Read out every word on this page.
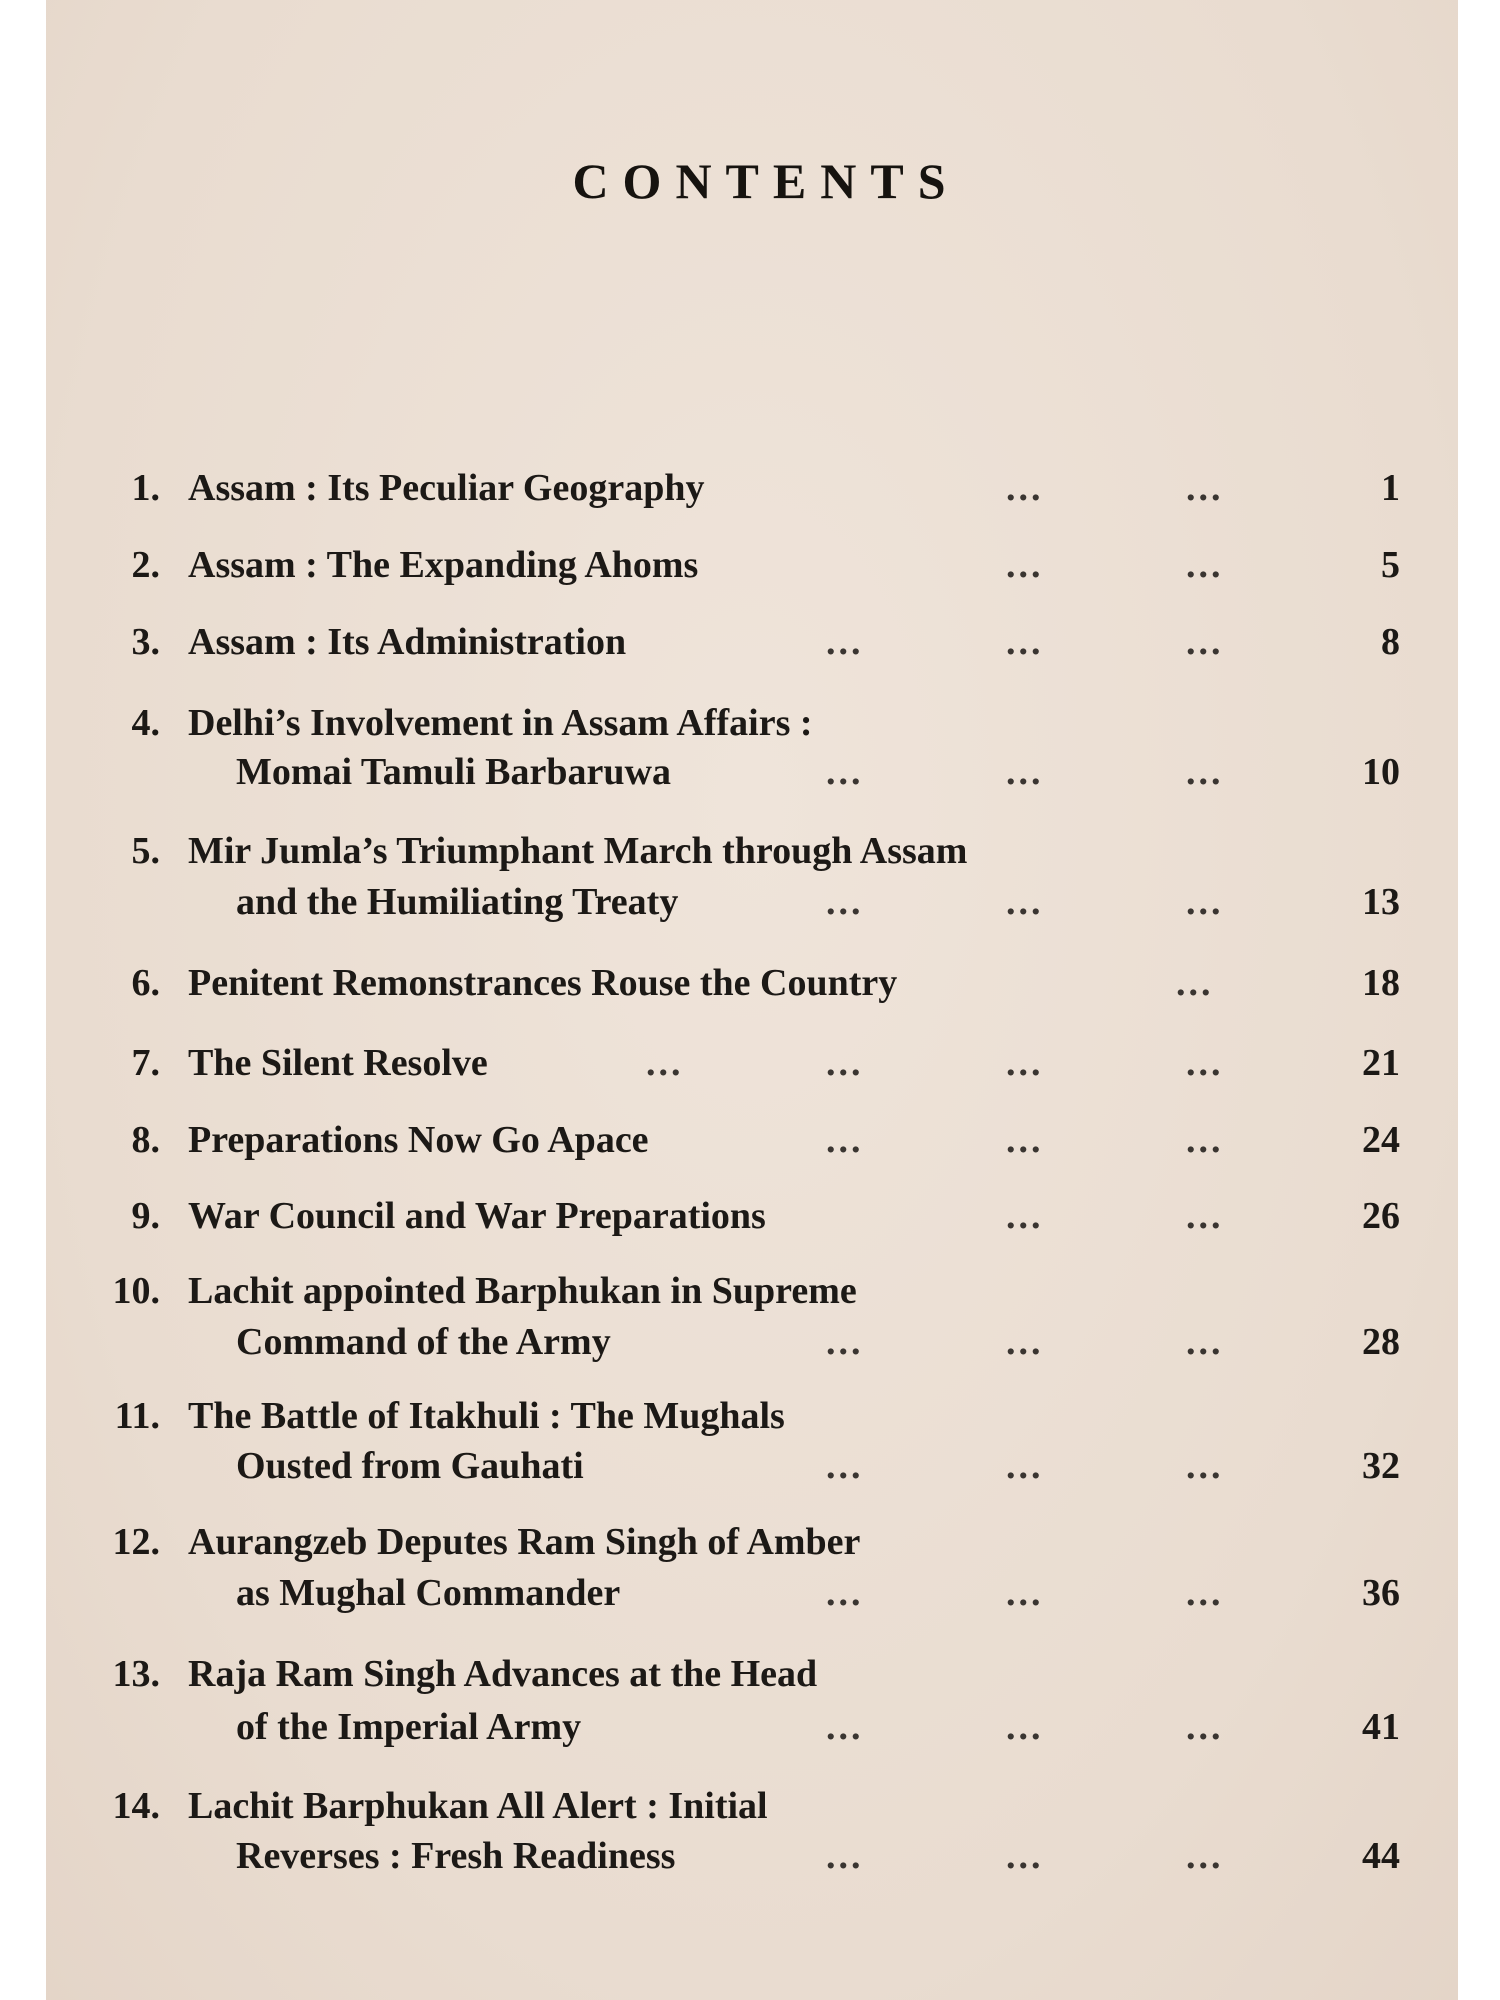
CONTENTS
1. Assam : Its Peculiar Geography	...	...	1
2. Assam : The Expanding Ahoms	...	...	5
3. Assam : Its Administration	...	...	...	8
4. Delhi’s Involvement in Assam Affairs :
Momai Tamuli Barbaruwa	...	...	...	10
5. Mir Jumla’s Triumphant March through Assam
and the Humiliating Treaty	...	...	...	13
6. Penitent Remonstrances Rouse the Country	...	18
7. The Silent Resolve	...	...	...	...	21
8. Preparations Now Go Apace	...	...	...	24
9. War Council and War Preparations	...	...	26
10. Lachit appointed Barphukan in Supreme
Command of the Army	...	...	...	28
11. The Battle of Itakhuli : The Mughals
Ousted from Gauhati	...	...	...	32
12. Aurangzeb Deputes Ram Singh of Amber
as Mughal Commander	...	...	...	36
13. Raja Ram Singh Advances at the Head
of the Imperial Army	...	...	...	41
14. Lachit Barphukan All Alert : Initial
Reverses : Fresh Readiness	...	...	...	44
